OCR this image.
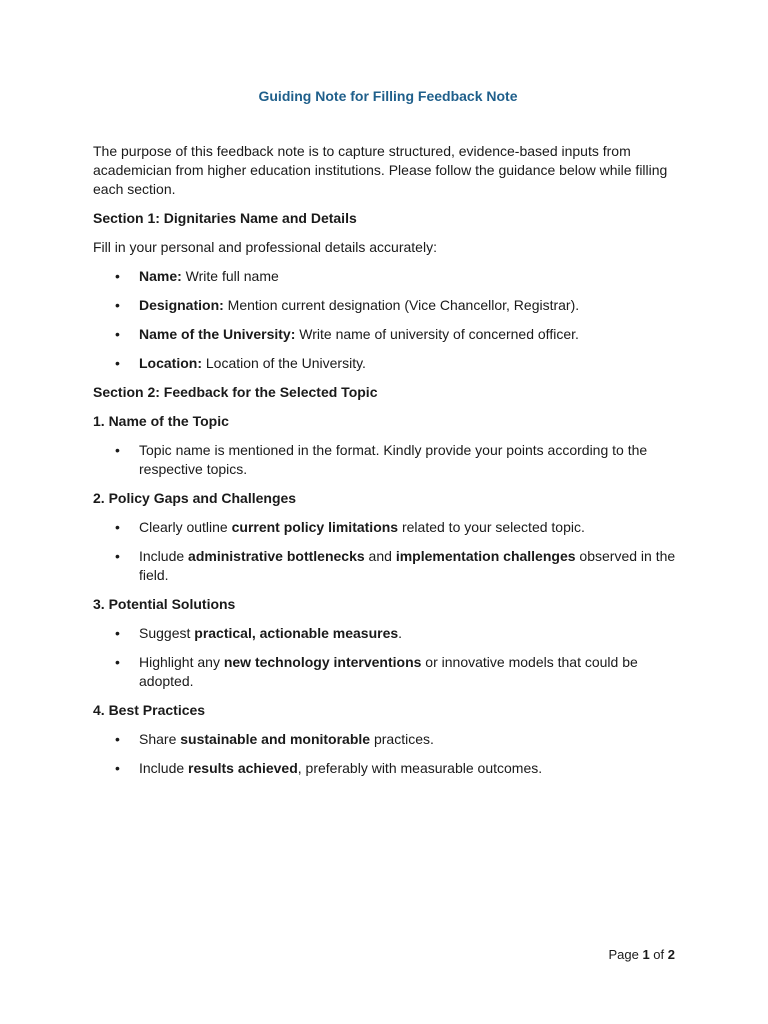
Guiding Note for Filling Feedback Note

The purpose of this feedback note is to capture structured, evidence-based inputs from academician from higher education institutions. Please follow the guidance below while filling each section.

Section 1: Dignitaries Name and Details

Fill in your personal and professional details accurately:

• Name: Write full name
• Designation: Mention current designation (Vice Chancellor, Registrar).
• Name of the University: Write name of university of concerned officer.
• Location: Location of the University.

Section 2: Feedback for the Selected Topic

1. Name of the Topic

• Topic name is mentioned in the format. Kindly provide your points according to the respective topics.

2. Policy Gaps and Challenges

• Clearly outline current policy limitations related to your selected topic.
• Include administrative bottlenecks and implementation challenges observed in the field.

3. Potential Solutions

• Suggest practical, actionable measures.
• Highlight any new technology interventions or innovative models that could be adopted.

4. Best Practices

• Share sustainable and monitorable practices.
• Include results achieved, preferably with measurable outcomes.
Page 1 of 2
